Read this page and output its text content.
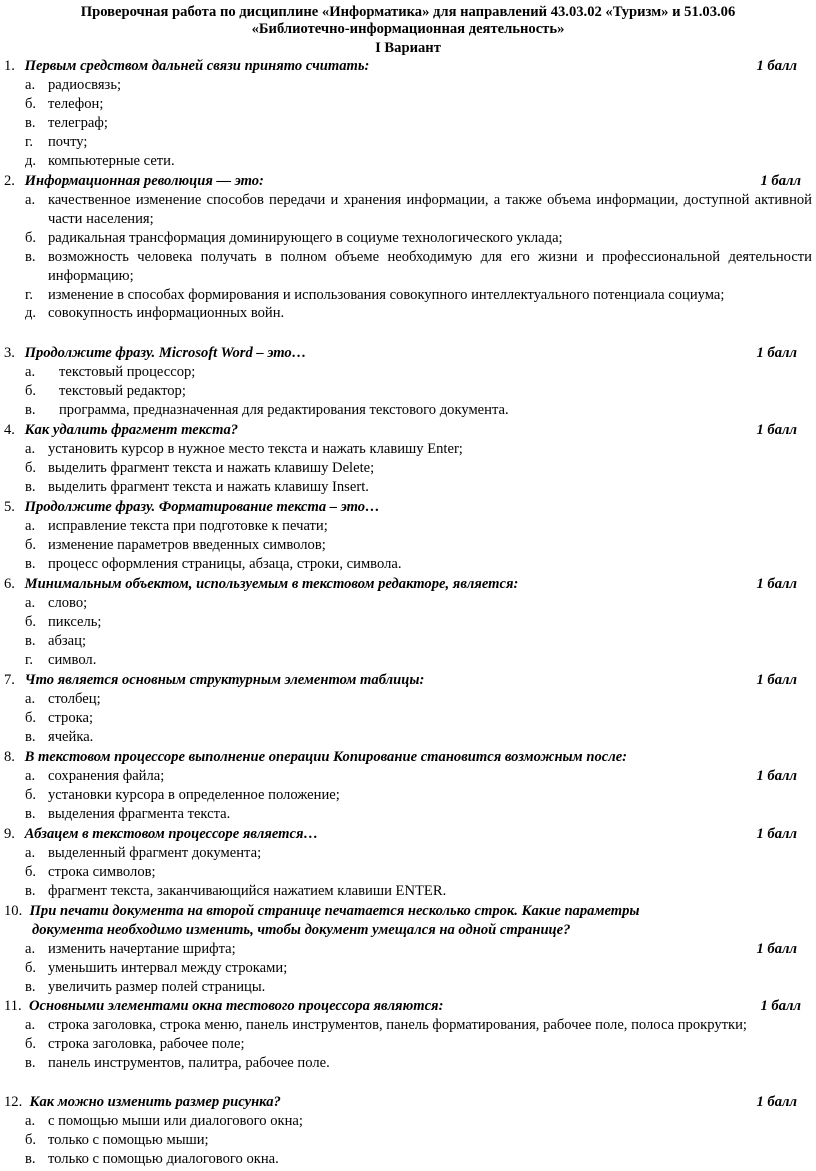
Проверочная работа по дисциплине «Информатика» для направлений 43.03.02 «Туризм» и 51.03.06
«Библиотечно-информационная деятельность»
I Вариант
1. Первым средством дальней связи принято считать:	1 балл
а. радиосвязь;
б. телефон;
в. телеграф;
г. почту;
д. компьютерные сети.
2. Информационная революция — это:	1 балл
а. качественное изменение способов передачи и хранения информации, а также объема информации, доступной активной части населения;
б. радикальная трансформация доминирующего в социуме технологического уклада;
в. возможность человека получать в полном объеме необходимую для его жизни и профессиональной деятельности информацию;
г. изменение в способах формирования и использования совокупного интеллектуального потенциала социума;
д. совокупность информационных войн.
3. Продолжите фразу. Microsoft Word – это…	1 балл
а. текстовый процессор;
б. текстовый редактор;
в. программа, предназначенная для редактирования текстового документа.
4. Как удалить фрагмент текста?	1 балл
а. установить курсор в нужное место текста и нажать клавишу Enter;
б. выделить фрагмент текста и нажать клавишу Delete;
в. выделить фрагмент текста и нажать клавишу Insert.
5. Продолжите фразу. Форматирование текста – это…
а. исправление текста при подготовке к печати;
б. изменение параметров введенных символов;
в. процесс оформления страницы, абзаца, строки, символа.
6. Минимальным объектом, используемым в текстовом редакторе, является:	1 балл
а. слово;
б. пиксель;
в. абзац;
г. символ.
7. Что является основным структурным элементом таблицы:	1 балл
а. столбец;
б. строка;
в. ячейка.
8. В текстовом процессоре выполнение операции Копирование становится возможным после:
а. сохранения файла;	1 балл
б. установки курсора в определенное положение;
в. выделения фрагмента текста.
9. Абзацем в текстовом процессоре является…	1 балл
а. выделенный фрагмент документа;
б. строка символов;
в. фрагмент текста, заканчивающийся нажатием клавиши ENTER.
10. При печати документа на второй странице печатается несколько строк. Какие параметры
документа необходимо изменить, чтобы документ умещался на одной странице?
а. изменить начертание шрифта;	1 балл
б. уменьшить интервал между строками;
в. увеличить размер полей страницы.
11. Основными элементами окна тестового процессора являются:	1 балл
а. строка заголовка, строка меню, панель инструментов, панель форматирования, рабочее поле, полоса прокрутки;
б. строка заголовка, рабочее поле;
в. панель инструментов, палитра, рабочее поле.
12. Как можно изменить размер рисунка?	1 балл
а. с помощью мыши или диалогового окна;
б. только с помощью мыши;
в. только с помощью диалогового окна.
